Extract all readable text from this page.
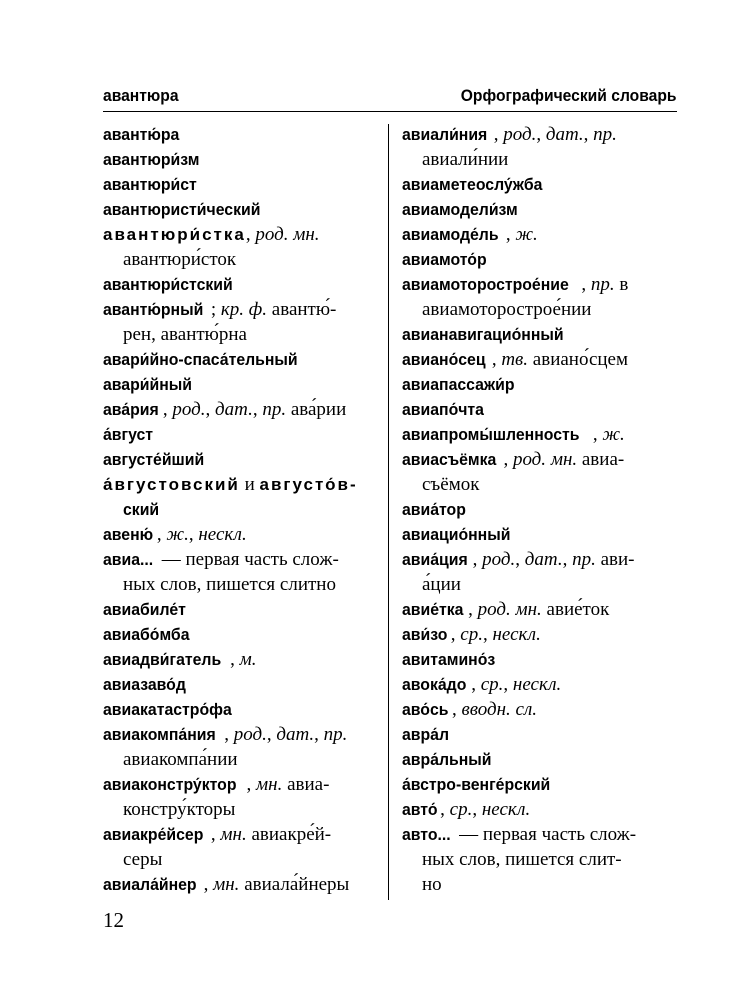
авантюра	Орфографический словарь
авантю́ра
авантюри́зм
авантюри́ст
авантюристи́ческий
авантюри́стка, род. мн.
авантюри́сток
авантюри́стский
авантю́рный ; кр. ф. авантю́-
рен, авантю́рна
авари́йно-спаса́тельный
авари́йный
ава́рия , род., дат., пр. ава́рии
а́вгуст
августе́йший
а́вгустовский и августо́в-
ский
авеню́ , ж., нескл.
авиа... — первая часть слож-
ных слов, пишется слитно
авиабиле́т
авиабо́мба
авиадви́гатель , м.
авиазаво́д
авиакатастро́фа
авиакомпа́ния , род., дат., пр.
авиакомпа́нии
авиаконстру́ктор , мн. авиа-
констру́кторы
авиакре́йсер , мн. авиакре́й-
серы
авиала́йнер , мн. авиала́йнеры
авиали́ния , род., дат., пр.
авиали́нии
авиаметеослу́жба
авиамодели́зм
авиамоде́ль , ж.
авиамото́р
авиамоторострое́ние , пр. в
авиамоторострое́нии
авианавигацио́нный
авиано́сец , тв. авиано́сцем
авиапассажи́р
авиапо́чта
авиапромы́шленность , ж.
авиасъёмка , род. мн. авиа-
съёмок
авиа́тор
авиацио́нный
авиа́ция , род., дат., пр. ави-
а́ции
авие́тка , род. мн. авие́ток
ави́зо , ср., нескл.
авитамино́з
авока́до , ср., нескл.
аво́сь , вводн. сл.
авра́л
авра́льный
а́встро-венге́рский
авто́ , ср., нескл.
авто... — первая часть слож-
ных слов, пишется слит-
но
12
